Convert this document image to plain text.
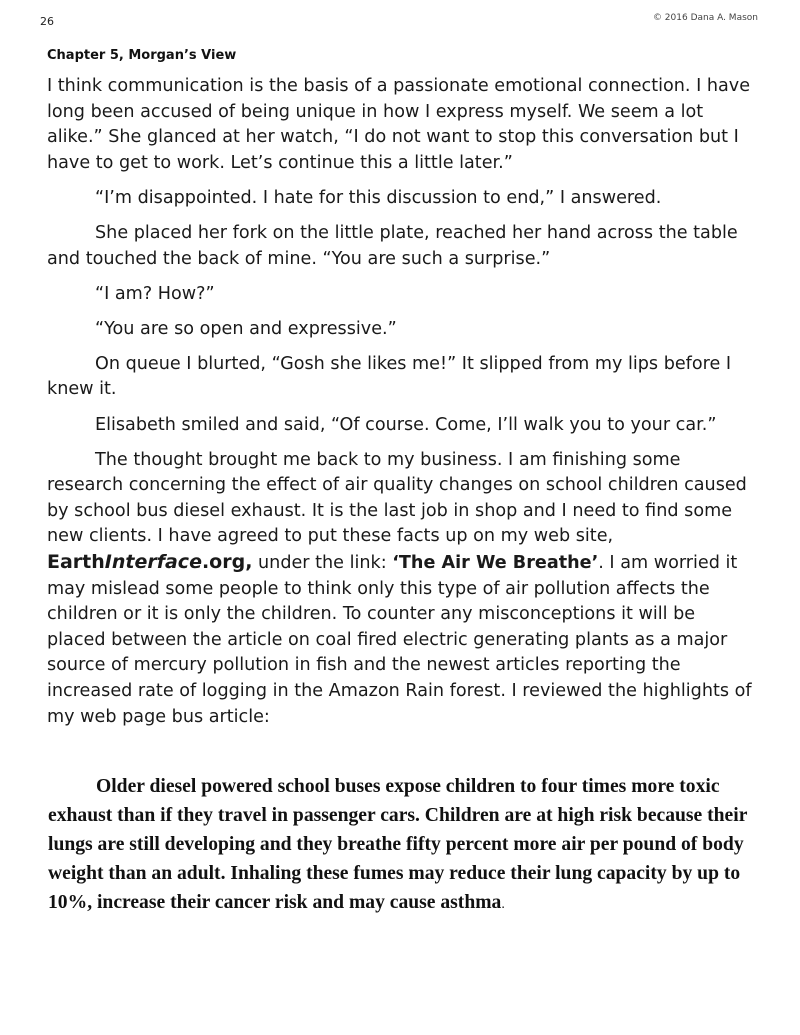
26	© 2016 Dana A. Mason
Chapter 5, Morgan’s View

I think communication is the basis of a passionate emotional connection. I have long been accused of being unique in how I express myself. We seem a lot alike.” She glanced at her watch, “I do not want to stop this conversation but I have to get to work. Let’s continue this a little later.”

“I’m disappointed. I hate for this discussion to end,” I answered.

She placed her fork on the little plate, reached her hand across the table and touched the back of mine. “You are such a surprise.”

“I am? How?”

“You are so open and expressive.”

On queue I blurted, “Gosh she likes me!” It slipped from my lips before I knew it.

Elisabeth smiled and said, “Of course. Come, I’ll walk you to your car.”

The thought brought me back to my business. I am finishing some research concerning the effect of air quality changes on school children caused by school bus diesel exhaust. It is the last job in shop and I need to find some new clients. I have agreed to put these facts up on my web site, EarthInterface.org, under the link: ‘The Air We Breathe’. I am worried it may mislead some people to think only this type of air pollution affects the children or it is only the children. To counter any misconceptions it will be placed between the article on coal fired electric generating plants as a major source of mercury pollution in fish and the newest articles reporting the increased rate of logging in the Amazon Rain forest. I reviewed the highlights of my web page bus article:

Older diesel powered school buses expose children to four times more toxic exhaust than if they travel in passenger cars. Children are at high risk because their lungs are still developing and they breathe fifty percent more air per pound of body weight than an adult. Inhaling these fumes may reduce their lung capacity by up to 10%, increase their cancer risk and may cause asthma.
